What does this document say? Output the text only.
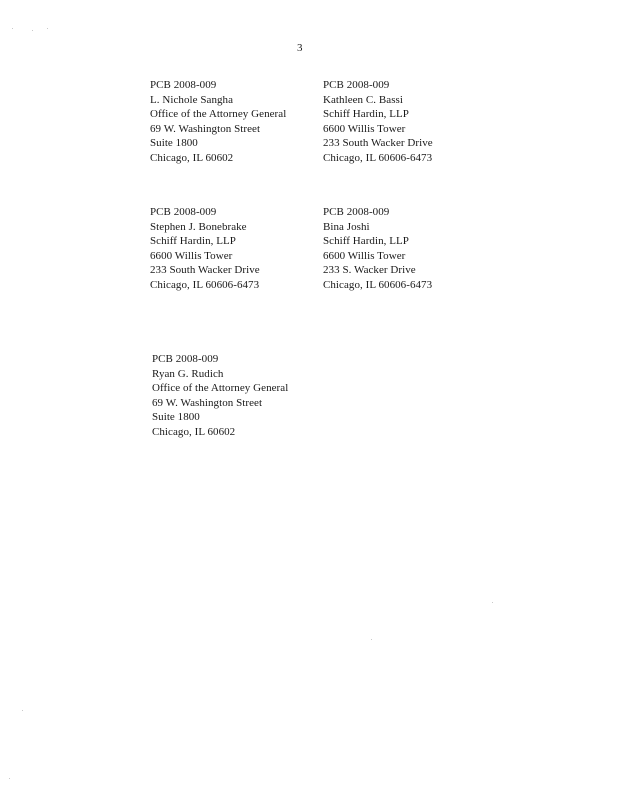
3
PCB 2008-009
L. Nichole Sangha
Office of the Attorney General
69 W. Washington Street
Suite 1800
Chicago, IL 60602
PCB 2008-009
Kathleen C. Bassi
Schiff Hardin, LLP
6600 Willis Tower
233 South Wacker Drive
Chicago, IL 60606-6473
PCB 2008-009
Stephen J. Bonebrake
Schiff Hardin, LLP
6600 Willis Tower
233 South Wacker Drive
Chicago, IL 60606-6473
PCB 2008-009
Bina Joshi
Schiff Hardin, LLP
6600 Willis Tower
233 S. Wacker Drive
Chicago, IL 60606-6473
PCB 2008-009
Ryan G. Rudich
Office of the Attorney General
69 W. Washington Street
Suite 1800
Chicago, IL 60602
